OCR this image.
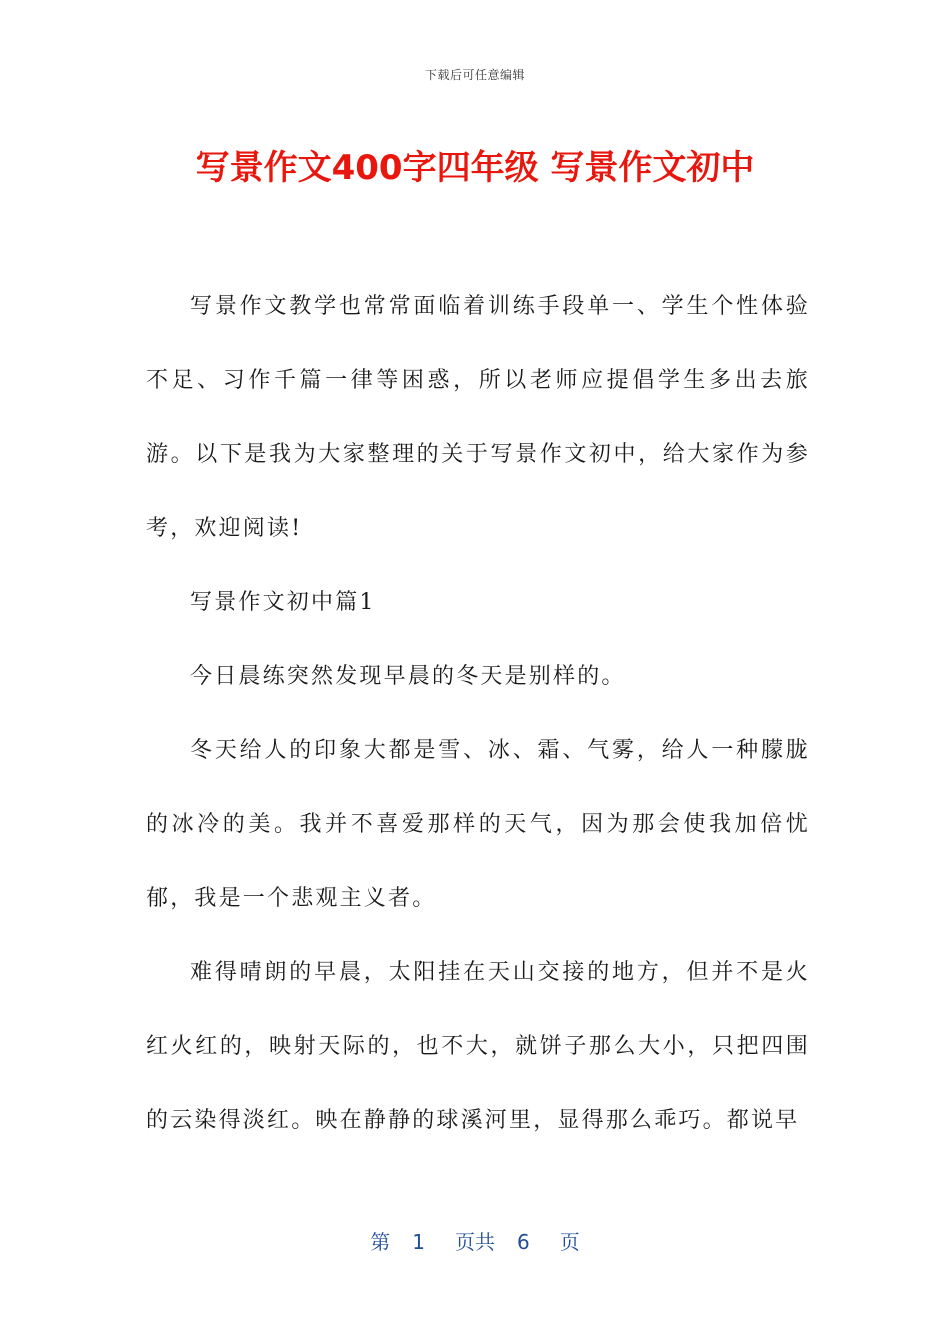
下载后可任意编辑
写景作文400字四年级 写景作文初中

写景作文教学也常常面临着训练手段单一、学生个性体验不足、习作千篇一律等困惑，所以老师应提倡学生多出去旅游。以下是我为大家整理的关于写景作文初中，给大家作为参考，欢迎阅读!

写景作文初中篇1

今日晨练突然发现早晨的冬天是别样的。

冬天给人的印象大都是雪、冰、霜、气雾，给人一种朦胧的冰冷的美。我并不喜爱那样的天气，因为那会使我加倍忧郁，我是一个悲观主义者。

难得晴朗的早晨，太阳挂在天山交接的地方，但并不是火红火红的，映射天际的，也不大，就饼子那么大小，只把四围的云染得淡红。映在静静的球溪河里，显得那么乖巧。都说早

第 1 页共 6 页
